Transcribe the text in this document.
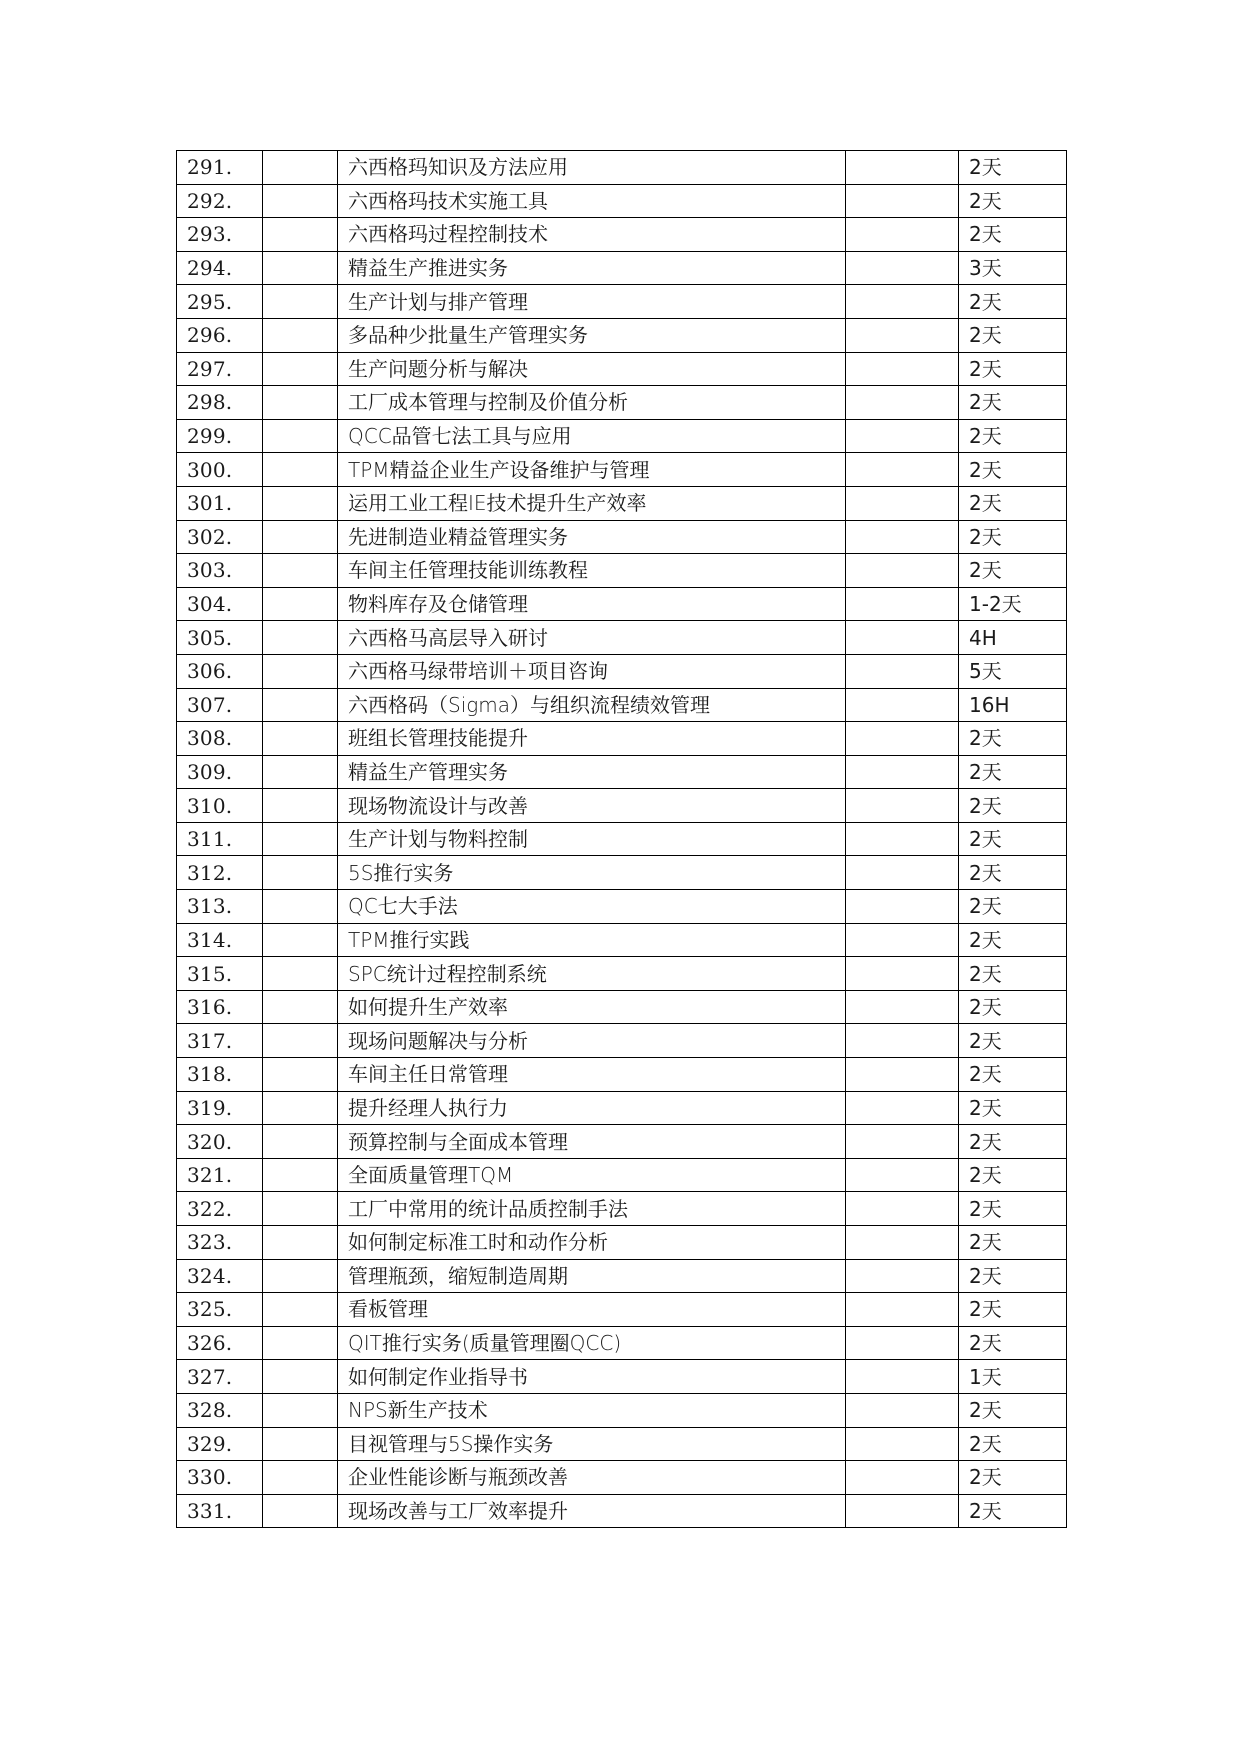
291.		六西格玛知识及方法应用		2天
292.		六西格玛技术实施工具		2天
293.		六西格玛过程控制技术		2天
294.		精益生产推进实务		3天
295.		生产计划与排产管理		2天
296.		多品种少批量生产管理实务		2天
297.		生产问题分析与解决		2天
298.		工厂成本管理与控制及价值分析		2天
299.		QCC品管七法工具与应用		2天
300.		TPM精益企业生产设备维护与管理		2天
301.		运用工业工程IE技术提升生产效率		2天
302.		先进制造业精益管理实务		2天
303.		车间主任管理技能训练教程		2天
304.		物料库存及仓储管理		1-2天
305.		六西格马高层导入研讨		4H
306.		六西格马绿带培训＋项目咨询		5天
307.		六西格码（Sigma）与组织流程绩效管理		16H
308.		班组长管理技能提升		2天
309.		精益生产管理实务		2天
310.		现场物流设计与改善		2天
311.		生产计划与物料控制		2天
312.		5S推行实务		2天
313.		QC七大手法		2天
314.		TPM推行实践		2天
315.		SPC统计过程控制系统		2天
316.		如何提升生产效率		2天
317.		现场问题解决与分析		2天
318.		车间主任日常管理		2天
319.		提升经理人执行力		2天
320.		预算控制与全面成本管理		2天
321.		全面质量管理TQM		2天
322.		工厂中常用的统计品质控制手法		2天
323.		如何制定标准工时和动作分析		2天
324.		管理瓶颈，缩短制造周期		2天
325.		看板管理		2天
326.		QIT推行实务(质量管理圈QCC)		2天
327.		如何制定作业指导书		1天
328.		NPS新生产技术		2天
329.		目视管理与5S操作实务		2天
330.		企业性能诊断与瓶颈改善		2天
331.		现场改善与工厂效率提升		2天
